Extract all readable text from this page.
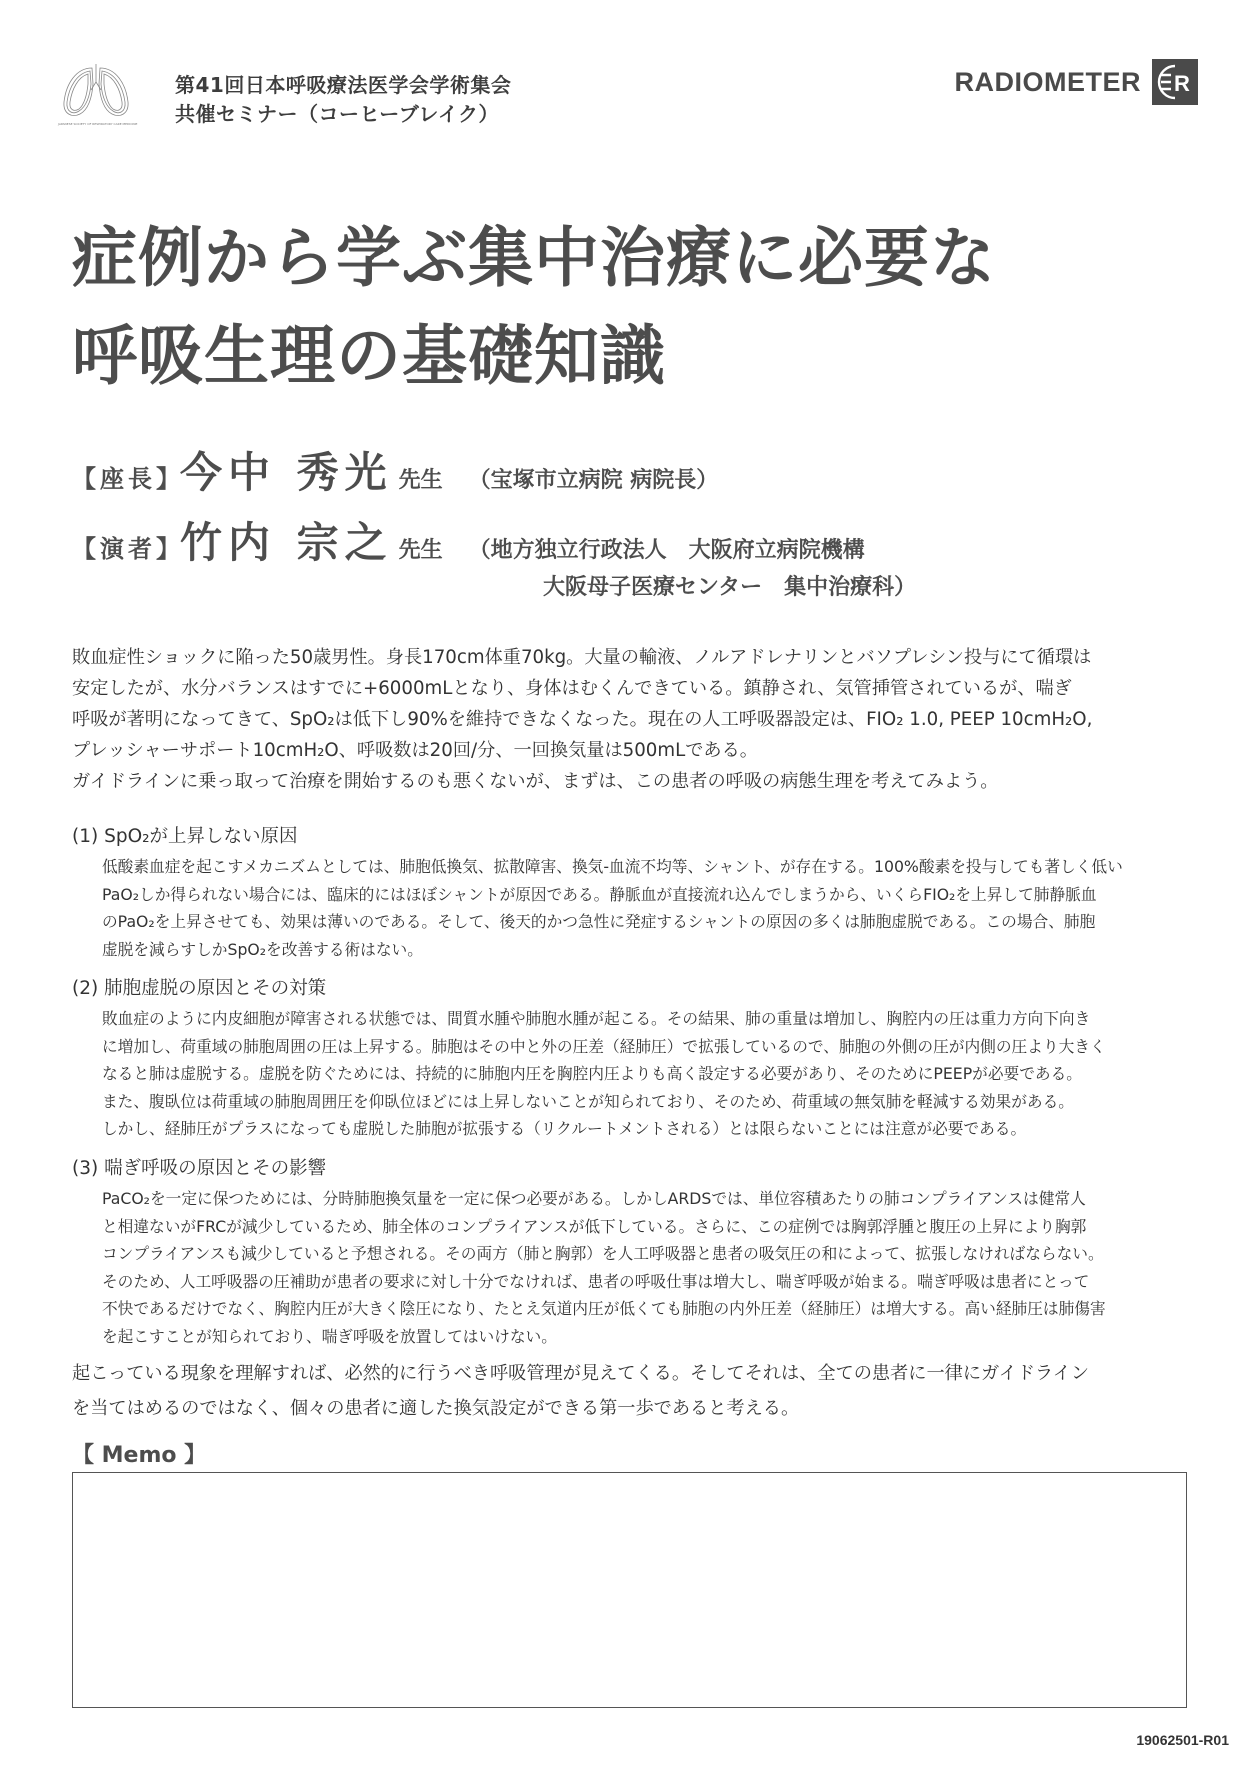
JAPANESE SOCIETY OF RESPIRATORY CARE MEDICINE
第41回日本呼吸療法医学会学術集会
共催セミナー（コーヒーブレイク）
RADIOMETER R
症例から学ぶ集中治療に必要な
呼吸生理の基礎知識
【座長】
今中 秀光 先生 （宝塚市立病院 病院長）
【演者】
竹内 宗之 先生 （地方独立行政法人　大阪府立病院機構
大阪母子医療センター　集中治療科）

敗血症性ショックに陥った50歳男性。身長170cm体重70kg。大量の輸液、ノルアドレナリンとバソプレシン投与にて循環は

安定したが、水分バランスはすでに+6000mLとなり、身体はむくんできている。鎮静され、気管挿管されているが、喘ぎ

呼吸が著明になってきて、SpO₂は低下し90%を維持できなくなった。現在の人工呼吸器設定は、FIO₂ 1.0, PEEP 10cmH₂O,

プレッシャーサポート10cmH₂O、呼吸数は20回/分、一回換気量は500mLである。

ガイドラインに乗っ取って治療を開始するのも悪くないが、まずは、この患者の呼吸の病態生理を考えてみよう。

(1) SpO₂が上昇しない原因

低酸素血症を起こすメカニズムとしては、肺胞低換気、拡散障害、換気-血流不均等、シャント、が存在する。100%酸素を投与しても著しく低い

PaO₂しか得られない場合には、臨床的にはほぼシャントが原因である。静脈血が直接流れ込んでしまうから、いくらFIO₂を上昇して肺静脈血

のPaO₂を上昇させても、効果は薄いのである。そして、後天的かつ急性に発症するシャントの原因の多くは肺胞虚脱である。この場合、肺胞

虚脱を減らすしかSpO₂を改善する術はない。

(2) 肺胞虚脱の原因とその対策

敗血症のように内皮細胞が障害される状態では、間質水腫や肺胞水腫が起こる。その結果、肺の重量は増加し、胸腔内の圧は重力方向下向き

に増加し、荷重域の肺胞周囲の圧は上昇する。肺胞はその中と外の圧差（経肺圧）で拡張しているので、肺胞の外側の圧が内側の圧より大きく

なると肺は虚脱する。虚脱を防ぐためには、持続的に肺胞内圧を胸腔内圧よりも高く設定する必要があり、そのためにPEEPが必要である。

また、腹臥位は荷重域の肺胞周囲圧を仰臥位ほどには上昇しないことが知られており、そのため、荷重域の無気肺を軽減する効果がある。

しかし、経肺圧がプラスになっても虚脱した肺胞が拡張する（リクルートメントされる）とは限らないことには注意が必要である。

(3) 喘ぎ呼吸の原因とその影響

PaCO₂を一定に保つためには、分時肺胞換気量を一定に保つ必要がある。しかしARDSでは、単位容積あたりの肺コンプライアンスは健常人

と相違ないがFRCが減少しているため、肺全体のコンプライアンスが低下している。さらに、この症例では胸郭浮腫と腹圧の上昇により胸郭

コンプライアンスも減少していると予想される。その両方（肺と胸郭）を人工呼吸器と患者の吸気圧の和によって、拡張しなければならない。

そのため、人工呼吸器の圧補助が患者の要求に対し十分でなければ、患者の呼吸仕事は増大し、喘ぎ呼吸が始まる。喘ぎ呼吸は患者にとって

不快であるだけでなく、胸腔内圧が大きく陰圧になり、たとえ気道内圧が低くても肺胞の内外圧差（経肺圧）は増大する。高い経肺圧は肺傷害

を起こすことが知られており、喘ぎ呼吸を放置してはいけない。

起こっている現象を理解すれば、必然的に行うべき呼吸管理が見えてくる。そしてそれは、全ての患者に一律にガイドライン

を当てはめるのではなく、個々の患者に適した換気設定ができる第一歩であると考える。

【 Memo 】
19062501-R01
